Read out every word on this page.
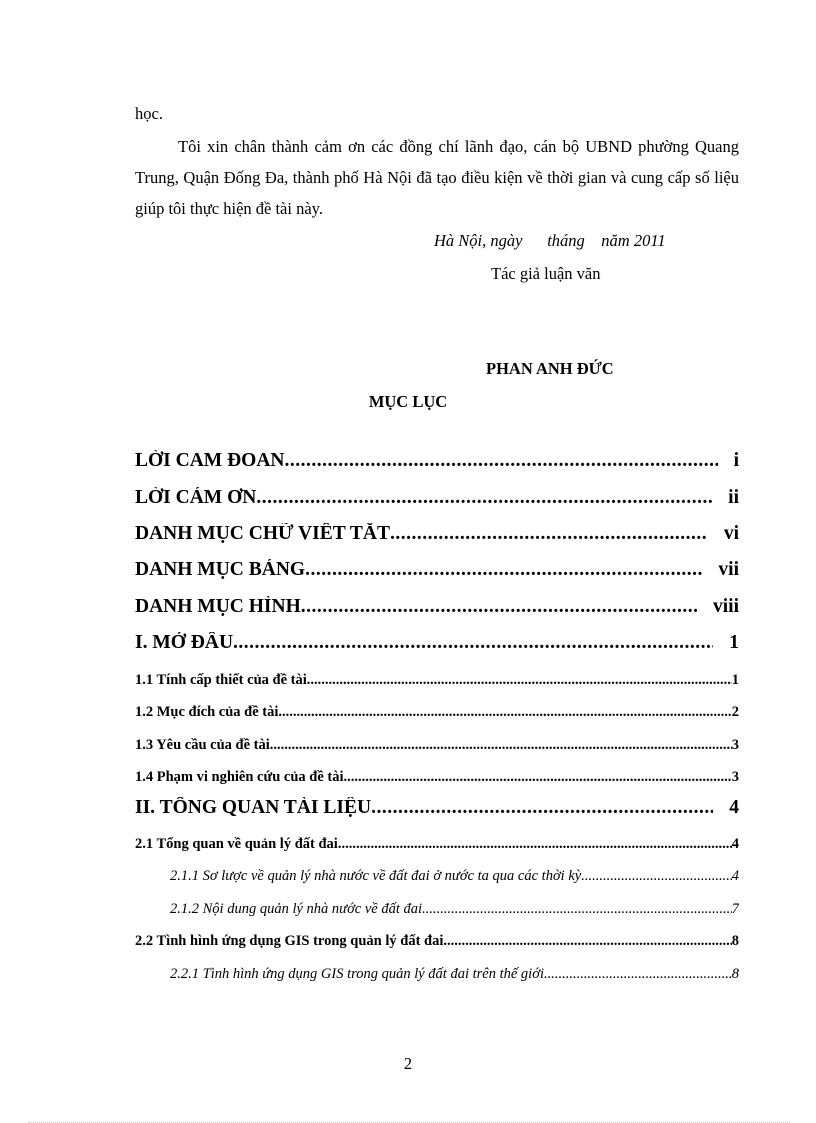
học.
Tôi xin chân thành cảm ơn các đồng chí lãnh đạo, cán bộ UBND phường Quang Trung, Quận Đống Đa, thành phố Hà Nội đã tạo điều kiện về thời gian và cung cấp số liệu giúp tôi thực hiện đề tài này.
Hà Nội, ngày      tháng    năm 2011
Tác giả luận văn
PHAN ANH ĐỨC
MỤC LỤC
LỜI CAM ĐOAN .....	i
LỜI CẢM ƠN .....	ii
DANH MỤC CHỮ VIẾT TẮT .....	vi
DANH MỤC BẢNG .....	vii
DANH MỤC HÌNH .....	viii
I. MỞ ĐẦU .....	1
1.1 Tính cấp thiết của đề tài .....	1
1.2 Mục đích của đề tài .....	2
1.3 Yêu cầu của đề tài .....	3
1.4 Phạm vi nghiên cứu của đề tài .....	3
II. TỔNG QUAN TÀI LIỆU .....	4
2.1 Tổng quan về quản lý đất đai .....	4
2.1.1 Sơ lược về quản lý nhà nước về đất đai ở nước ta qua các thời kỳ .....	4
2.1.2 Nội dung quản lý nhà nước về đất đai .....	7
2.2 Tình hình ứng dụng GIS trong quản lý đất đai .....	8
2.2.1 Tình hình ứng dụng GIS trong quản lý đất đai trên thế giới .....	8
2
